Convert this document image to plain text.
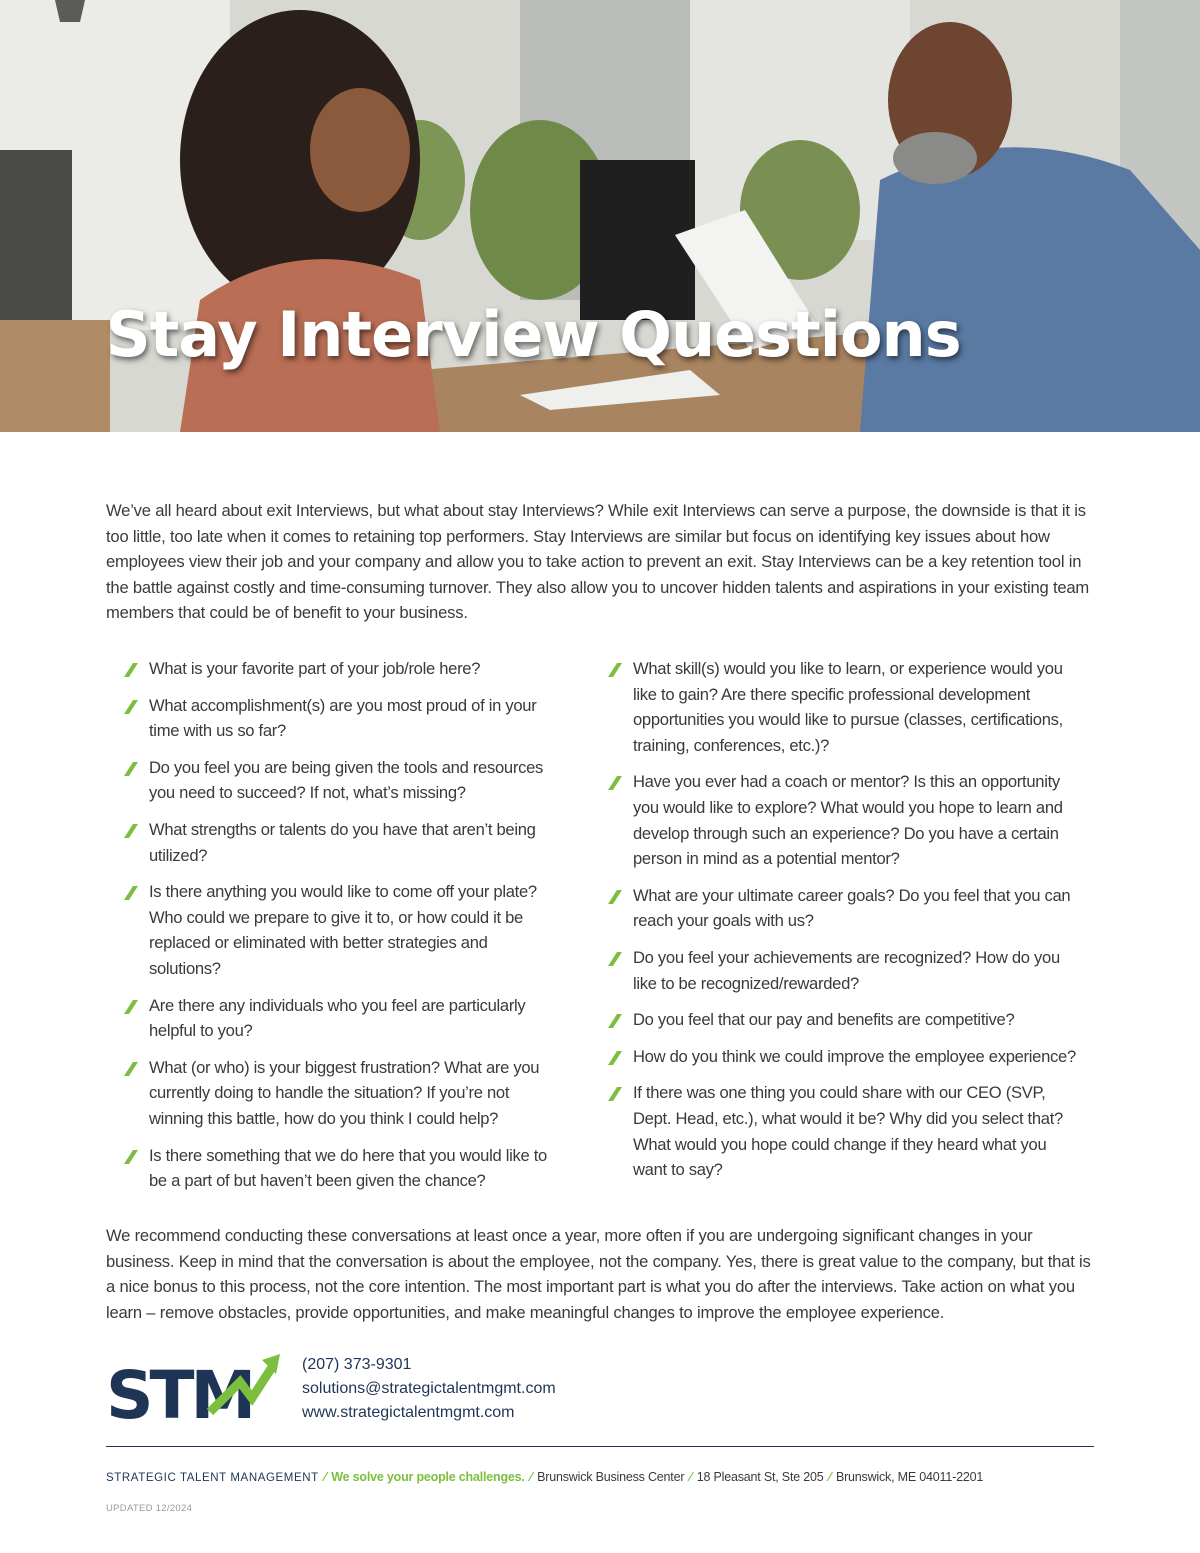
Stay Interview Questions

We’ve all heard about exit Interviews, but what about stay Interviews? While exit Interviews can serve a purpose, the downside is that it is too little, too late when it comes to retaining top performers. Stay Interviews are similar but focus on identifying key issues about how employees view their job and your company and allow you to take action to prevent an exit. Stay Interviews can be a key retention tool in the battle against costly and time-consuming turnover. They also allow you to uncover hidden talents and aspirations in your existing team members that could be of benefit to your business.

What is your favorite part of your job/role here?
What accomplishment(s) are you most proud of in your time with us so far?
Do you feel you are being given the tools and resources you need to succeed? If not, what’s missing?
What strengths or talents do you have that aren’t being utilized?
Is there anything you would like to come off your plate? Who could we prepare to give it to, or how could it be replaced or eliminated with better strategies and solutions?
Are there any individuals who you feel are particularly helpful to you?
What (or who) is your biggest frustration? What are you currently doing to handle the situation? If you’re not winning this battle, how do you think I could help?
Is there something that we do here that you would like to be a part of but haven’t been given the chance?
What skill(s) would you like to learn, or experience would you like to gain? Are there specific professional development opportunities you would like to pursue (classes, certifications, training, conferences, etc.)?
Have you ever had a coach or mentor? Is this an opportunity you would like to explore? What would you hope to learn and develop through such an experience? Do you have a certain person in mind as a potential mentor?
What are your ultimate career goals? Do you feel that you can reach your goals with us?
Do you feel your achievements are recognized? How do you like to be recognized/rewarded?
Do you feel that our pay and benefits are competitive?
How do you think we could improve the employee experience?
If there was one thing you could share with our CEO (SVP, Dept. Head, etc.), what would it be? Why did you select that? What would you hope could change if they heard what you want to say?

We recommend conducting these conversations at least once a year, more often if you are undergoing significant changes in your business. Keep in mind that the conversation is about the employee, not the company. Yes, there is great value to the company, but that is a nice bonus to this process, not the core intention. The most important part is what you do after the interviews. Take action on what you learn – remove obstacles, provide opportunities, and make meaningful changes to improve the employee experience.

STM	(207) 373-9301
solutions@strategictalentmgmt.com
www.strategictalentmgmt.com
STRATEGIC TALENT MANAGEMENT ⁄ We solve your people challenges. ⁄ Brunswick Business Center ⁄ 18 Pleasant St, Ste 205 ⁄ Brunswick, ME 04011-2201
UPDATED 12/2024
